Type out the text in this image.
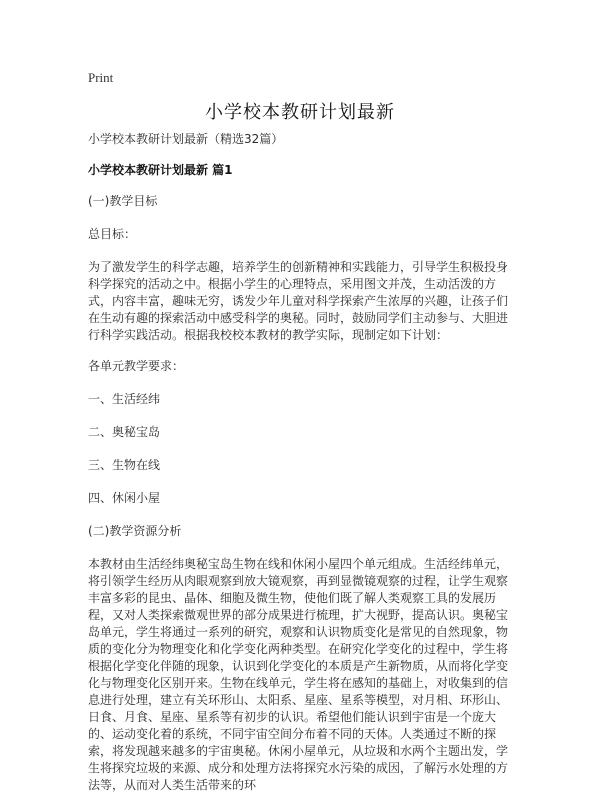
Print
小学校本教研计划最新

小学校本教研计划最新（精选32篇）

小学校本教研计划最新 篇1

(一)教学目标

总目标：

为了激发学生的科学志趣，培养学生的创新精神和实践能力，引导学生积极投身科学探究的活动之中。根据小学生的心理特点，采用图文并茂，生动活泼的方式，内容丰富，趣味无穷，诱发少年儿童对科学探索产生浓厚的兴趣，让孩子们在生动有趣的探索活动中感受科学的奥秘。同时，鼓励同学们主动参与、大胆进行科学实践活动。根据我校校本教材的教学实际，现制定如下计划：

各单元教学要求：

一、生活经纬

二、奥秘宝岛

三、生物在线

四、休闲小屋

(二)教学资源分析

本教材由生活经纬奥秘宝岛生物在线和休闲小屋四个单元组成。生活经纬单元，将引领学生经历从肉眼观察到放大镜观察，再到显微镜观察的过程，让学生观察丰富多彩的昆虫、晶体、细胞及微生物，使他们既了解人类观察工具的发展历程，又对人类探索微观世界的部分成果进行梳理，扩大视野，提高认识。奥秘宝岛单元，学生将通过一系列的研究，观察和认识物质变化是常见的自然现象，物质的变化分为物理变化和化学变化两种类型。在研究化学变化的过程中，学生将根据化学变化伴随的现象，认识到化学变化的本质是产生新物质，从而将化学变化与物理变化区别开来。生物在线单元，学生将在感知的基础上，对收集到的信息进行处理，建立有关环形山、太阳系、星座、星系等模型，对月相、环形山、日食、月食、星座、星系等有初步的认识。希望他们能认识到宇宙是一个庞大的、运动变化着的系统，不同宇宙空间分布着不同的天体。人类通过不断的探索，将发现越来越多的宇宙奥秘。休闲小屋单元，从垃圾和水两个主题出发，学生将探究垃圾的来源、成分和处理方法将探究水污染的成因，了解污水处理的方法等，从而对人类生活带来的环
